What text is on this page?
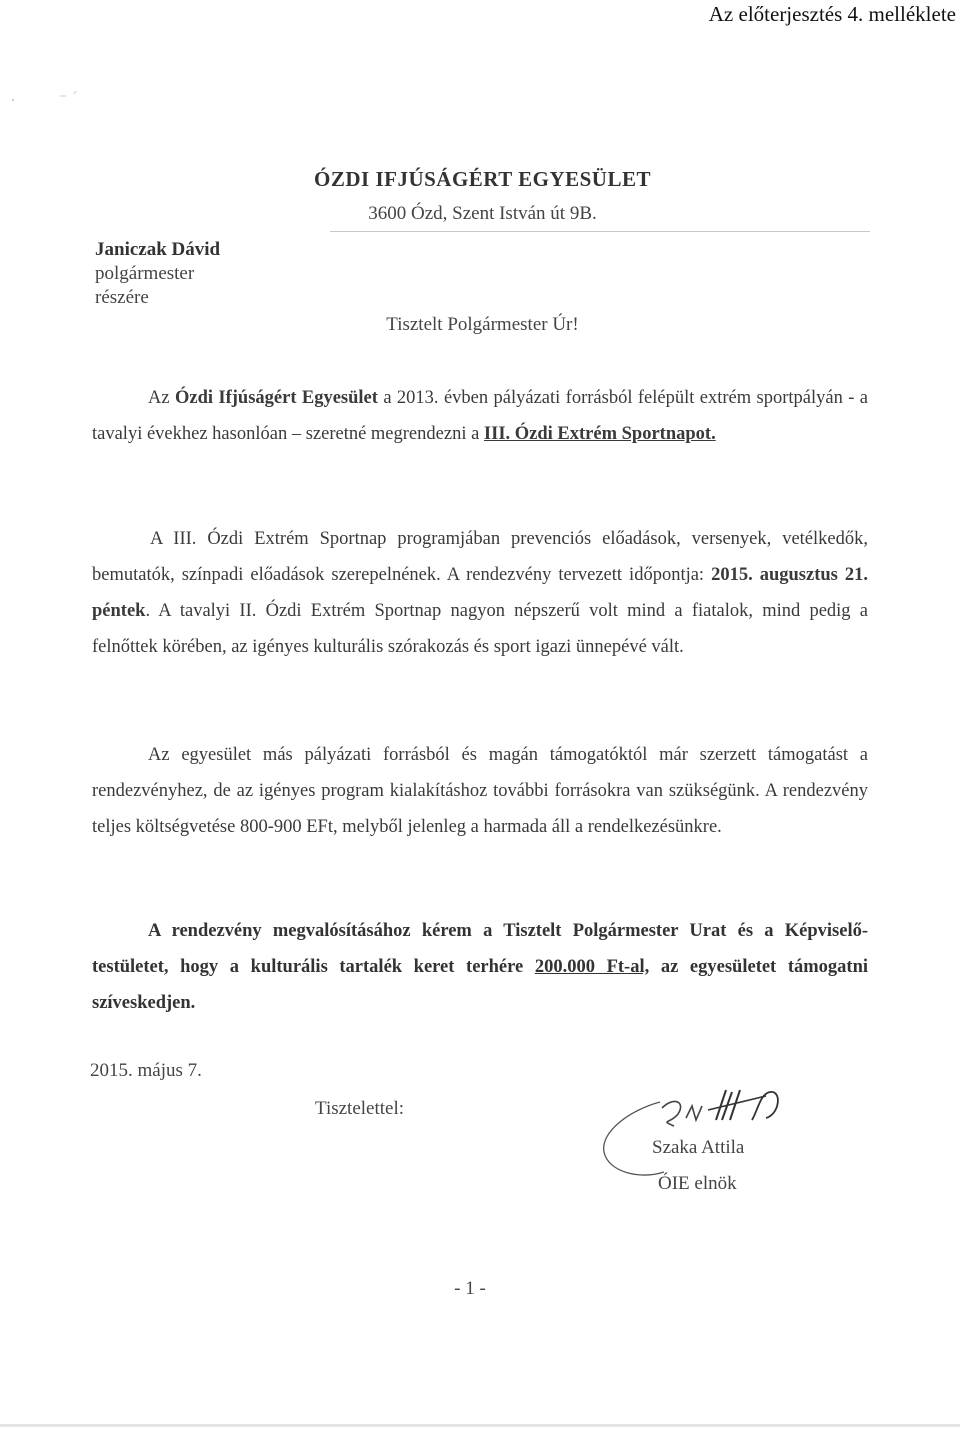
Az előterjesztés 4. melléklete
ÓZDI IFJÚSÁGÉRT EGYESÜLET
3600 Ózd, Szent István út 9B.
Janiczak Dávid
polgármester
részére
Tisztelt Polgármester Úr!
Az Ózdi Ifjúságért Egyesület a 2013. évben pályázati forrásból felépült extrém sportpályán - a tavalyi évekhez hasonlóan – szeretné megrendezni a III. Ózdi Extrém Sportnapot.
A III. Ózdi Extrém Sportnap programjában prevenciós előadások, versenyek, vetélkedők, bemutatók, színpadi előadások szerepelnének. A rendezvény tervezett időpontja: 2015. augusztus 21. péntek. A tavalyi II. Ózdi Extrém Sportnap nagyon népszerű volt mind a fiatalok, mind pedig a felnőttek körében, az igényes kulturális szórakozás és sport igazi ünnepévé vált.
Az egyesület más pályázati forrásból és magán támogatóktól már szerzett támogatást a rendezvényhez, de az igényes program kialakításhoz további forrásokra van szükségünk. A rendezvény teljes költségvetése 800-900 EFt, melyből jelenleg a harmada áll a rendelkezésünkre.
A rendezvény megvalósításához kérem a Tisztelt Polgármester Urat és a Képviselő-testületet, hogy a kulturális tartalék keret terhére 200.000 Ft-al, az egyesületet támogatni szíveskedjen.
2015. május 7.
Tisztelettel:
Szaka Attila
ÓIE elnök
- 1 -
